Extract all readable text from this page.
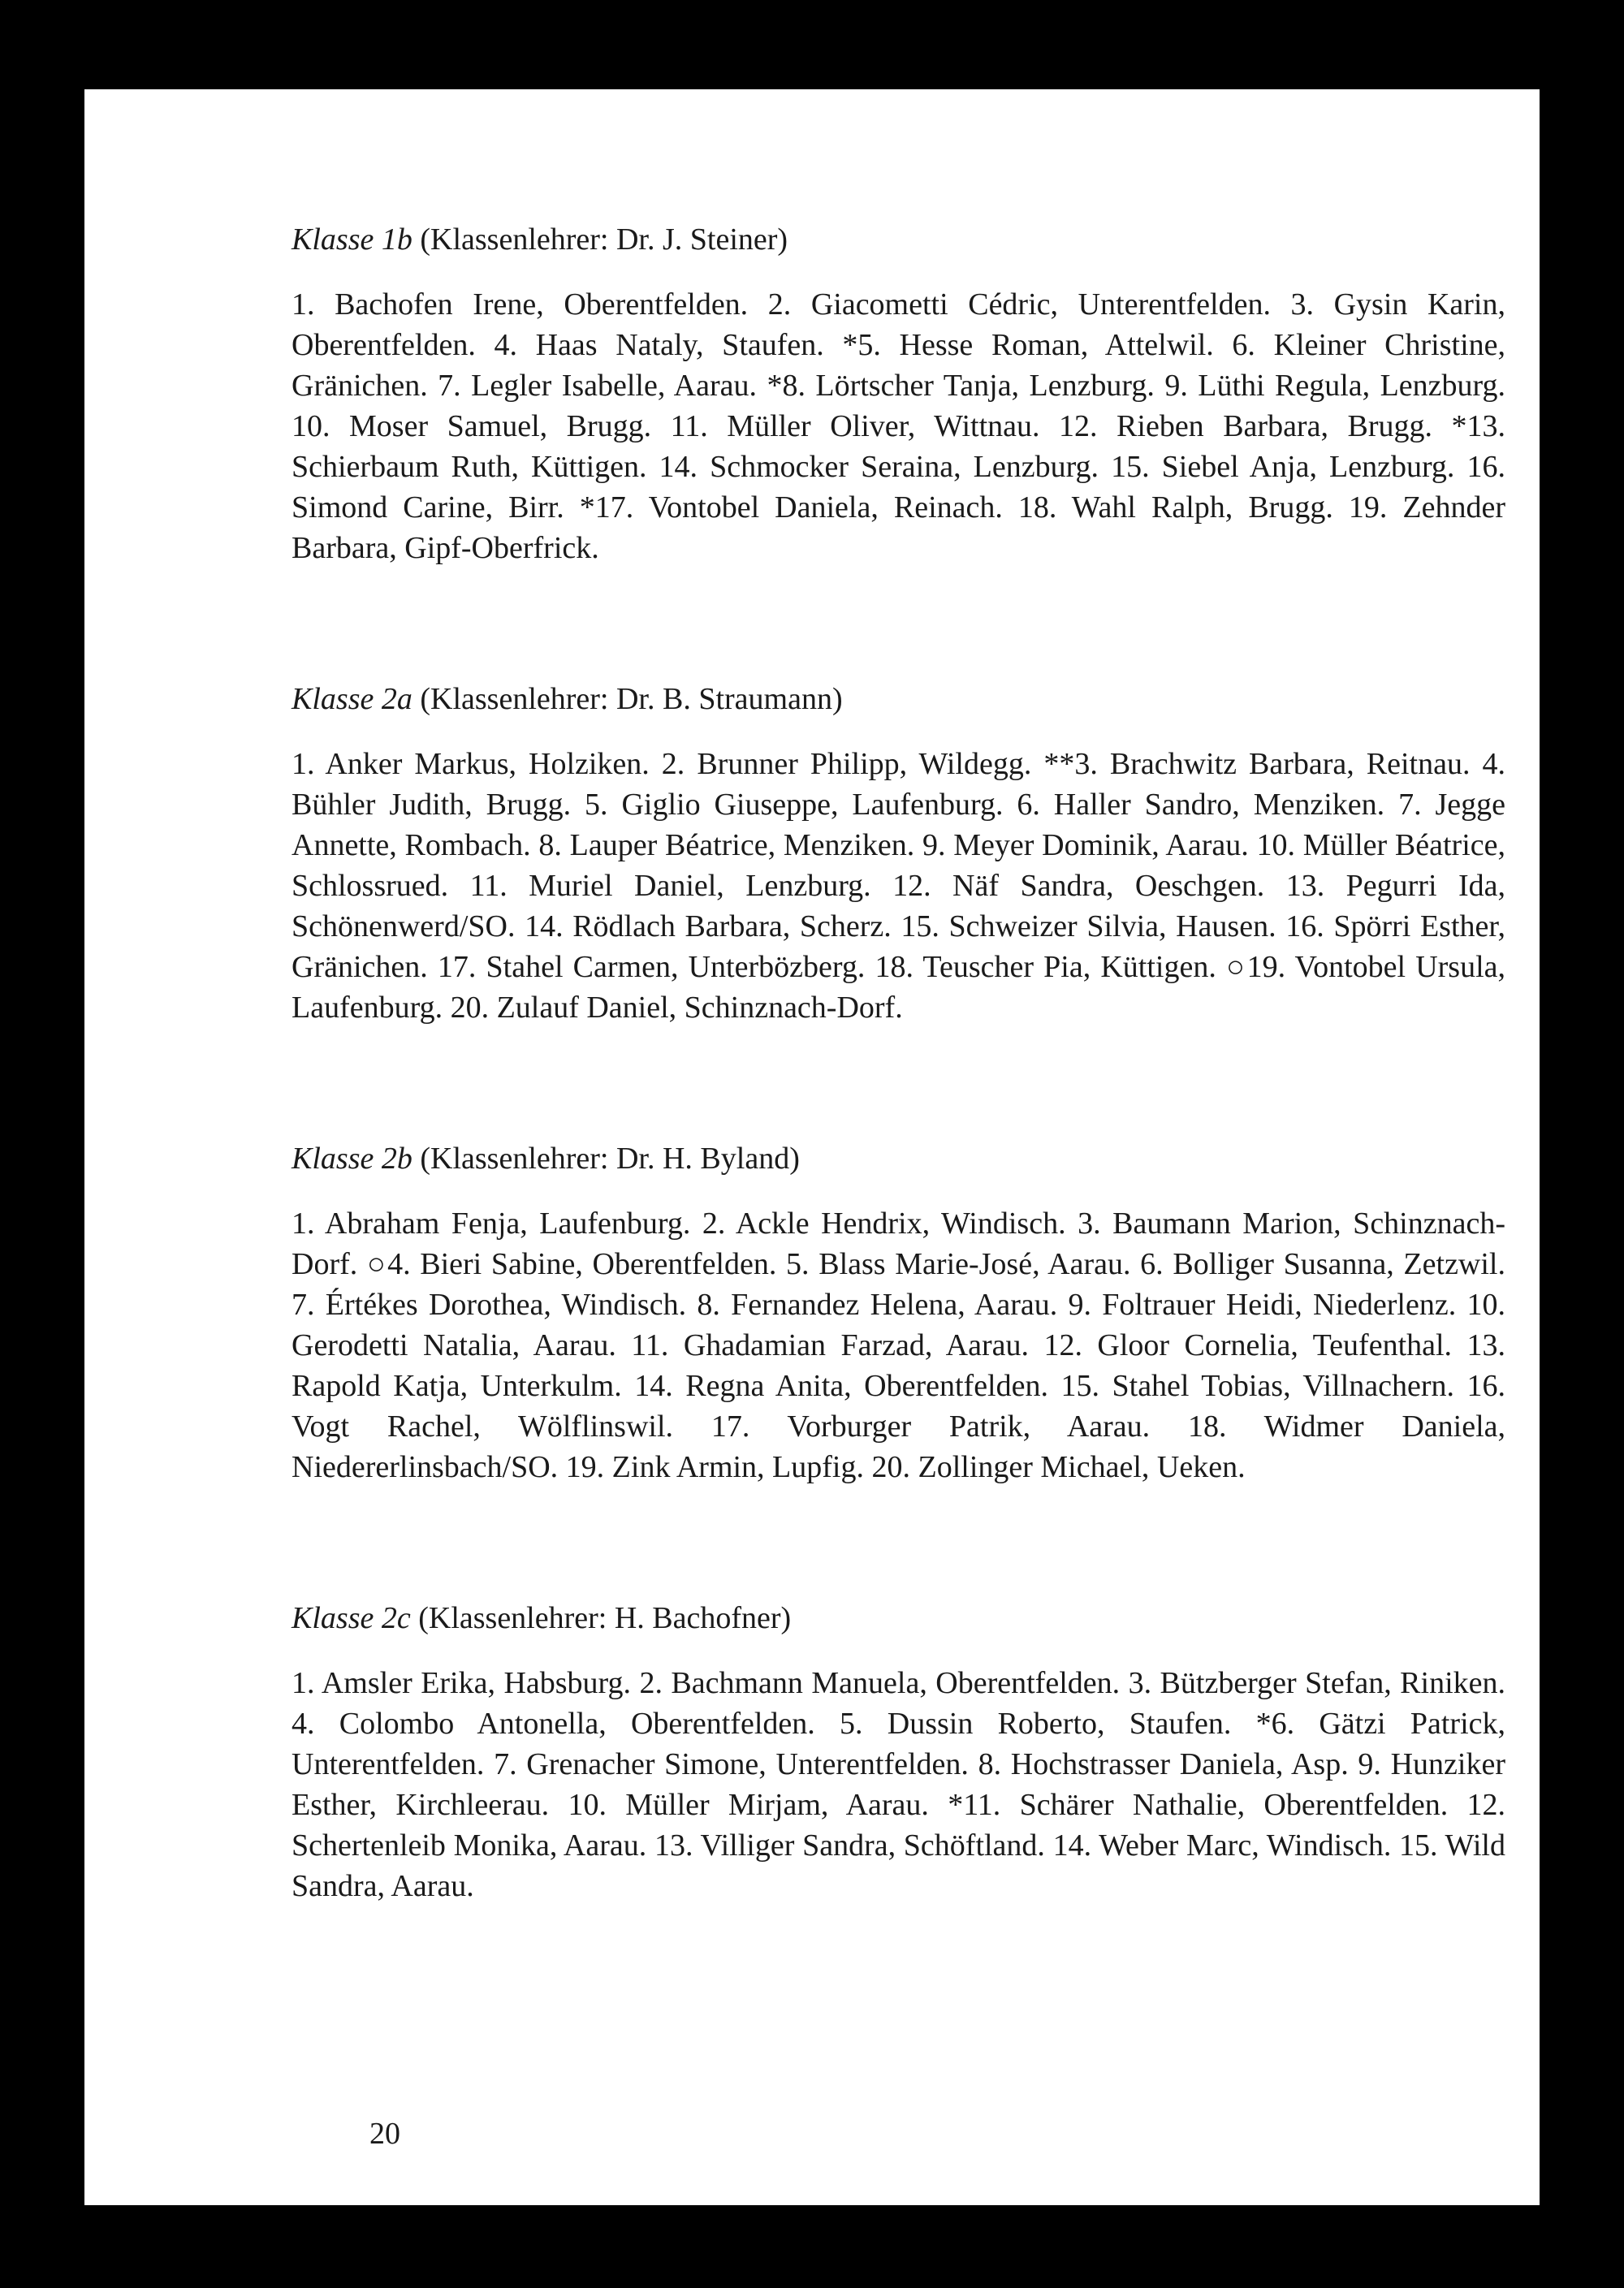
Klasse 1b (Klassenlehrer: Dr. J. Steiner)

1. Bachofen Irene, Oberentfelden. 2. Giacometti Cédric, Unterentfelden. 3. Gysin Karin, Oberentfelden. 4. Haas Nataly, Staufen. *5. Hesse Roman, Attelwil. 6. Kleiner Christine, Gränichen. 7. Legler Isabelle, Aarau. *8. Lörtscher Tanja, Lenzburg. 9. Lüthi Regula, Lenzburg. 10. Moser Samuel, Brugg. 11. Müller Oliver, Wittnau. 12. Rieben Barbara, Brugg. *13. Schierbaum Ruth, Küttigen. 14. Schmocker Seraina, Lenzburg. 15. Siebel Anja, Lenzburg. 16. Simond Carine, Birr. *17. Vontobel Daniela, Reinach. 18. Wahl Ralph, Brugg. 19. Zehnder Barbara, Gipf-Oberfrick.

Klasse 2a (Klassenlehrer: Dr. B. Straumann)

1. Anker Markus, Holziken. 2. Brunner Philipp, Wildegg. **3. Brachwitz Barbara, Reitnau. 4. Bühler Judith, Brugg. 5. Giglio Giuseppe, Laufenburg. 6. Haller Sandro, Menziken. 7. Jegge Annette, Rombach. 8. Lauper Béatrice, Menziken. 9. Meyer Dominik, Aarau. 10. Müller Béatrice, Schlossrued. 11. Muriel Daniel, Lenzburg. 12. Näf Sandra, Oeschgen. 13. Pegurri Ida, Schönenwerd/SO. 14. Rödlach Barbara, Scherz. 15. Schweizer Silvia, Hausen. 16. Spörri Esther, Gränichen. 17. Stahel Carmen, Unterbözberg. 18. Teuscher Pia, Küttigen. ○19. Vontobel Ursula, Laufenburg. 20. Zulauf Daniel, Schinznach-Dorf.

Klasse 2b (Klassenlehrer: Dr. H. Byland)

1. Abraham Fenja, Laufenburg. 2. Ackle Hendrix, Windisch. 3. Baumann Marion, Schinznach-Dorf. ○4. Bieri Sabine, Oberentfelden. 5. Blass Marie-José, Aarau. 6. Bolliger Susanna, Zetzwil. 7. Értékes Dorothea, Windisch. 8. Fernandez Helena, Aarau. 9. Foltrauer Heidi, Niederlenz. 10. Gerodetti Natalia, Aarau. 11. Ghadamian Farzad, Aarau. 12. Gloor Cornelia, Teufenthal. 13. Rapold Katja, Unterkulm. 14. Regna Anita, Oberentfelden. 15. Stahel Tobias, Villnachern. 16. Vogt Rachel, Wölflinswil. 17. Vorburger Patrik, Aarau. 18. Widmer Daniela, Niedererlinsbach/SO. 19. Zink Armin, Lupfig. 20. Zollinger Michael, Ueken.

Klasse 2c (Klassenlehrer: H. Bachofner)

1. Amsler Erika, Habsburg. 2. Bachmann Manuela, Oberentfelden. 3. Bützberger Stefan, Riniken. 4. Colombo Antonella, Oberentfelden. 5. Dussin Roberto, Staufen. *6. Gätzi Patrick, Unterentfelden. 7. Grenacher Simone, Unterentfelden. 8. Hochstrasser Daniela, Asp. 9. Hunziker Esther, Kirchleerau. 10. Müller Mirjam, Aarau. *11. Schärer Nathalie, Oberentfelden. 12. Schertenleib Monika, Aarau. 13. Villiger Sandra, Schöftland. 14. Weber Marc, Windisch. 15. Wild Sandra, Aarau.

20
